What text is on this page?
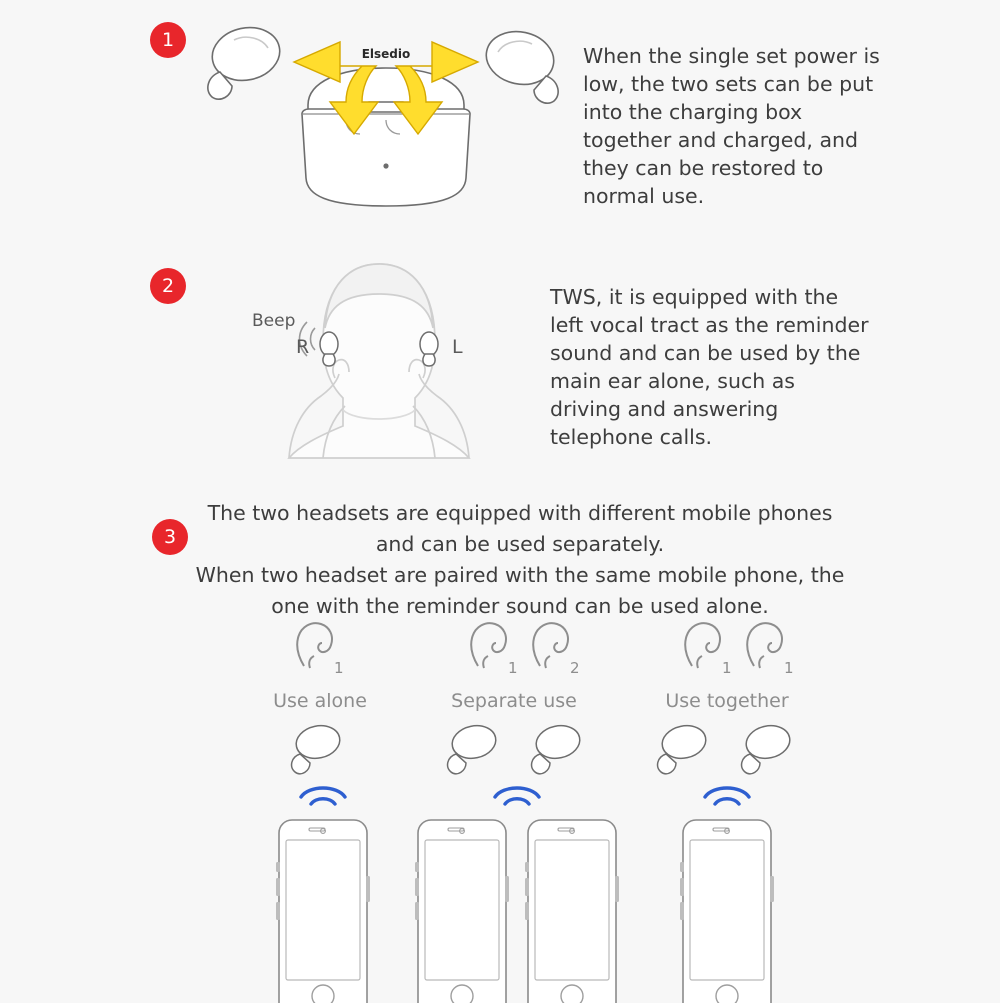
1
Elsedio	When the single set power is low, the two sets can be put into the charging box together and charged, and they can be restored to normal use.
2
Beep
R	L
TWS, it is equipped with the left vocal tract as the reminder sound and can be used by the main ear alone, such as driving and answering telephone calls.
3
The two headsets are equipped with different mobile phones
and can be used separately.
When two headset are paired with the same mobile phone, the
one with the reminder sound can be used alone.
1
Use alone
1	2
Separate use
1	1
Use together
